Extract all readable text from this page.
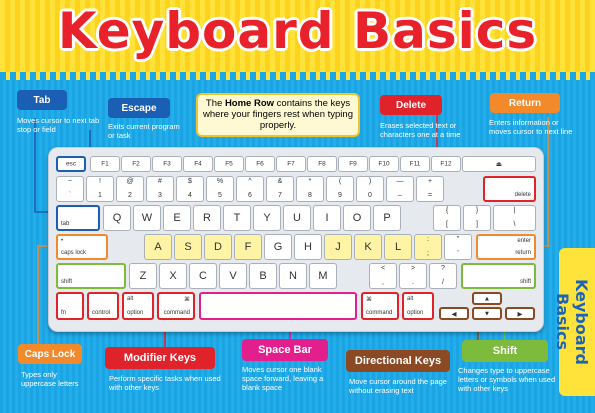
Keyboard Basics
Keyboard Basics
Tab
Moves cursor to next tab stop or field
Escape
Exits current program or task
The Home Row contains the keys where your fingers rest when typing properly.
Delete
Erases selected text or characters one at a time
Return
Enters information or moves cursor to next line
Caps Lock
Types only uppercase letters
Modifier Keys
Perform specific tasks when used with other keys
Space Bar
Moves cursor one blank space forward, leaving a blank space
Directional Keys
Move cursor around the page without erasing text
Shift
Changes type to uppercase letters or symbols when used with other keys
esc	F1	F2	F3	F4	F5	F6	F7	F8	F9	F10	F11	F12	⏏
~
`
!
1
@
2
#
3
$
4
%
5
^
6
&
7
*
8
(
9
)
0
—
–
+
=	delete
tab	Q	W	E	R	T	Y	U	I	O	P
{
[
}
]
|
\
•
caps lock	A	S	D	F	G	H	J	K	L
:
;
"
'
enter
return
shift	Z	X	C	V	B	N	M
<
,
>
.
?
/	shift
fn	control
alt
option
⌘
command
⌘
command
alt
option	◀
▲
▼	▶
